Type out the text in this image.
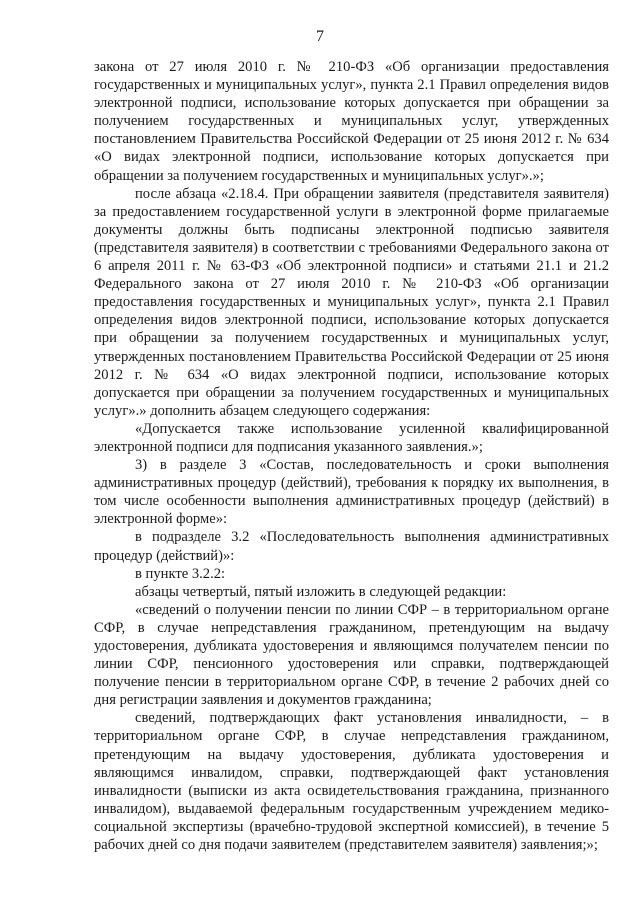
7

закона от 27 июля 2010 г. № 210-ФЗ «Об организации предоставления государственных и муниципальных услуг», пункта 2.1 Правил определения видов электронной подписи, использование которых допускается при обращении за получением государственных и муниципальных услуг, утвержденных постановлением Правительства Российской Федерации от 25 июня 2012 г. № 634 «О видах электронной подписи, использование которых допускается при обращении за получением государственных и муниципальных услуг».»;

после абзаца «2.18.4. При обращении заявителя (представителя заявителя) за предоставлением государственной услуги в электронной форме прилагаемые документы должны быть подписаны электронной подписью заявителя (представителя заявителя) в соответствии с требованиями Федерального закона от 6 апреля 2011 г. № 63-ФЗ «Об электронной подписи» и статьями 21.1 и 21.2 Федерального закона от 27 июля 2010 г. № 210-ФЗ «Об организации предоставления государственных и муниципальных услуг», пункта 2.1 Правил определения видов электронной подписи, использование которых допускается при обращении за получением государственных и муниципальных услуг, утвержденных постановлением Правительства Российской Федерации от 25 июня 2012 г. № 634 «О видах электронной подписи, использование которых допускается при обращении за получением государственных и муниципальных услуг».» дополнить абзацем следующего содержания:

«Допускается также использование усиленной квалифицированной электронной подписи для подписания указанного заявления.»;

3) в разделе 3 «Состав, последовательность и сроки выполнения административных процедур (действий), требования к порядку их выполнения, в том числе особенности выполнения административных процедур (действий) в электронной форме»:

в подразделе 3.2 «Последовательность выполнения административных процедур (действий)»:

в пункте 3.2.2:

абзацы четвертый, пятый изложить в следующей редакции:

«сведений о получении пенсии по линии СФР – в территориальном органе СФР, в случае непредставления гражданином, претендующим на выдачу удостоверения, дубликата удостоверения и являющимся получателем пенсии по линии СФР, пенсионного удостоверения или справки, подтверждающей получение пенсии в территориальном органе СФР, в течение 2 рабочих дней со дня регистрации заявления и документов гражданина;

сведений, подтверждающих факт установления инвалидности, – в территориальном органе СФР, в случае непредставления гражданином, претендующим на выдачу удостоверения, дубликата удостоверения и являющимся инвалидом, справки, подтверждающей факт установления инвалидности (выписки из акта освидетельствования гражданина, признанного инвалидом), выдаваемой федеральным государственным учреждением медико-социальной экспертизы (врачебно-трудовой экспертной комиссией), в течение 5 рабочих дней со дня подачи заявителем (представителем заявителя) заявления;»;
